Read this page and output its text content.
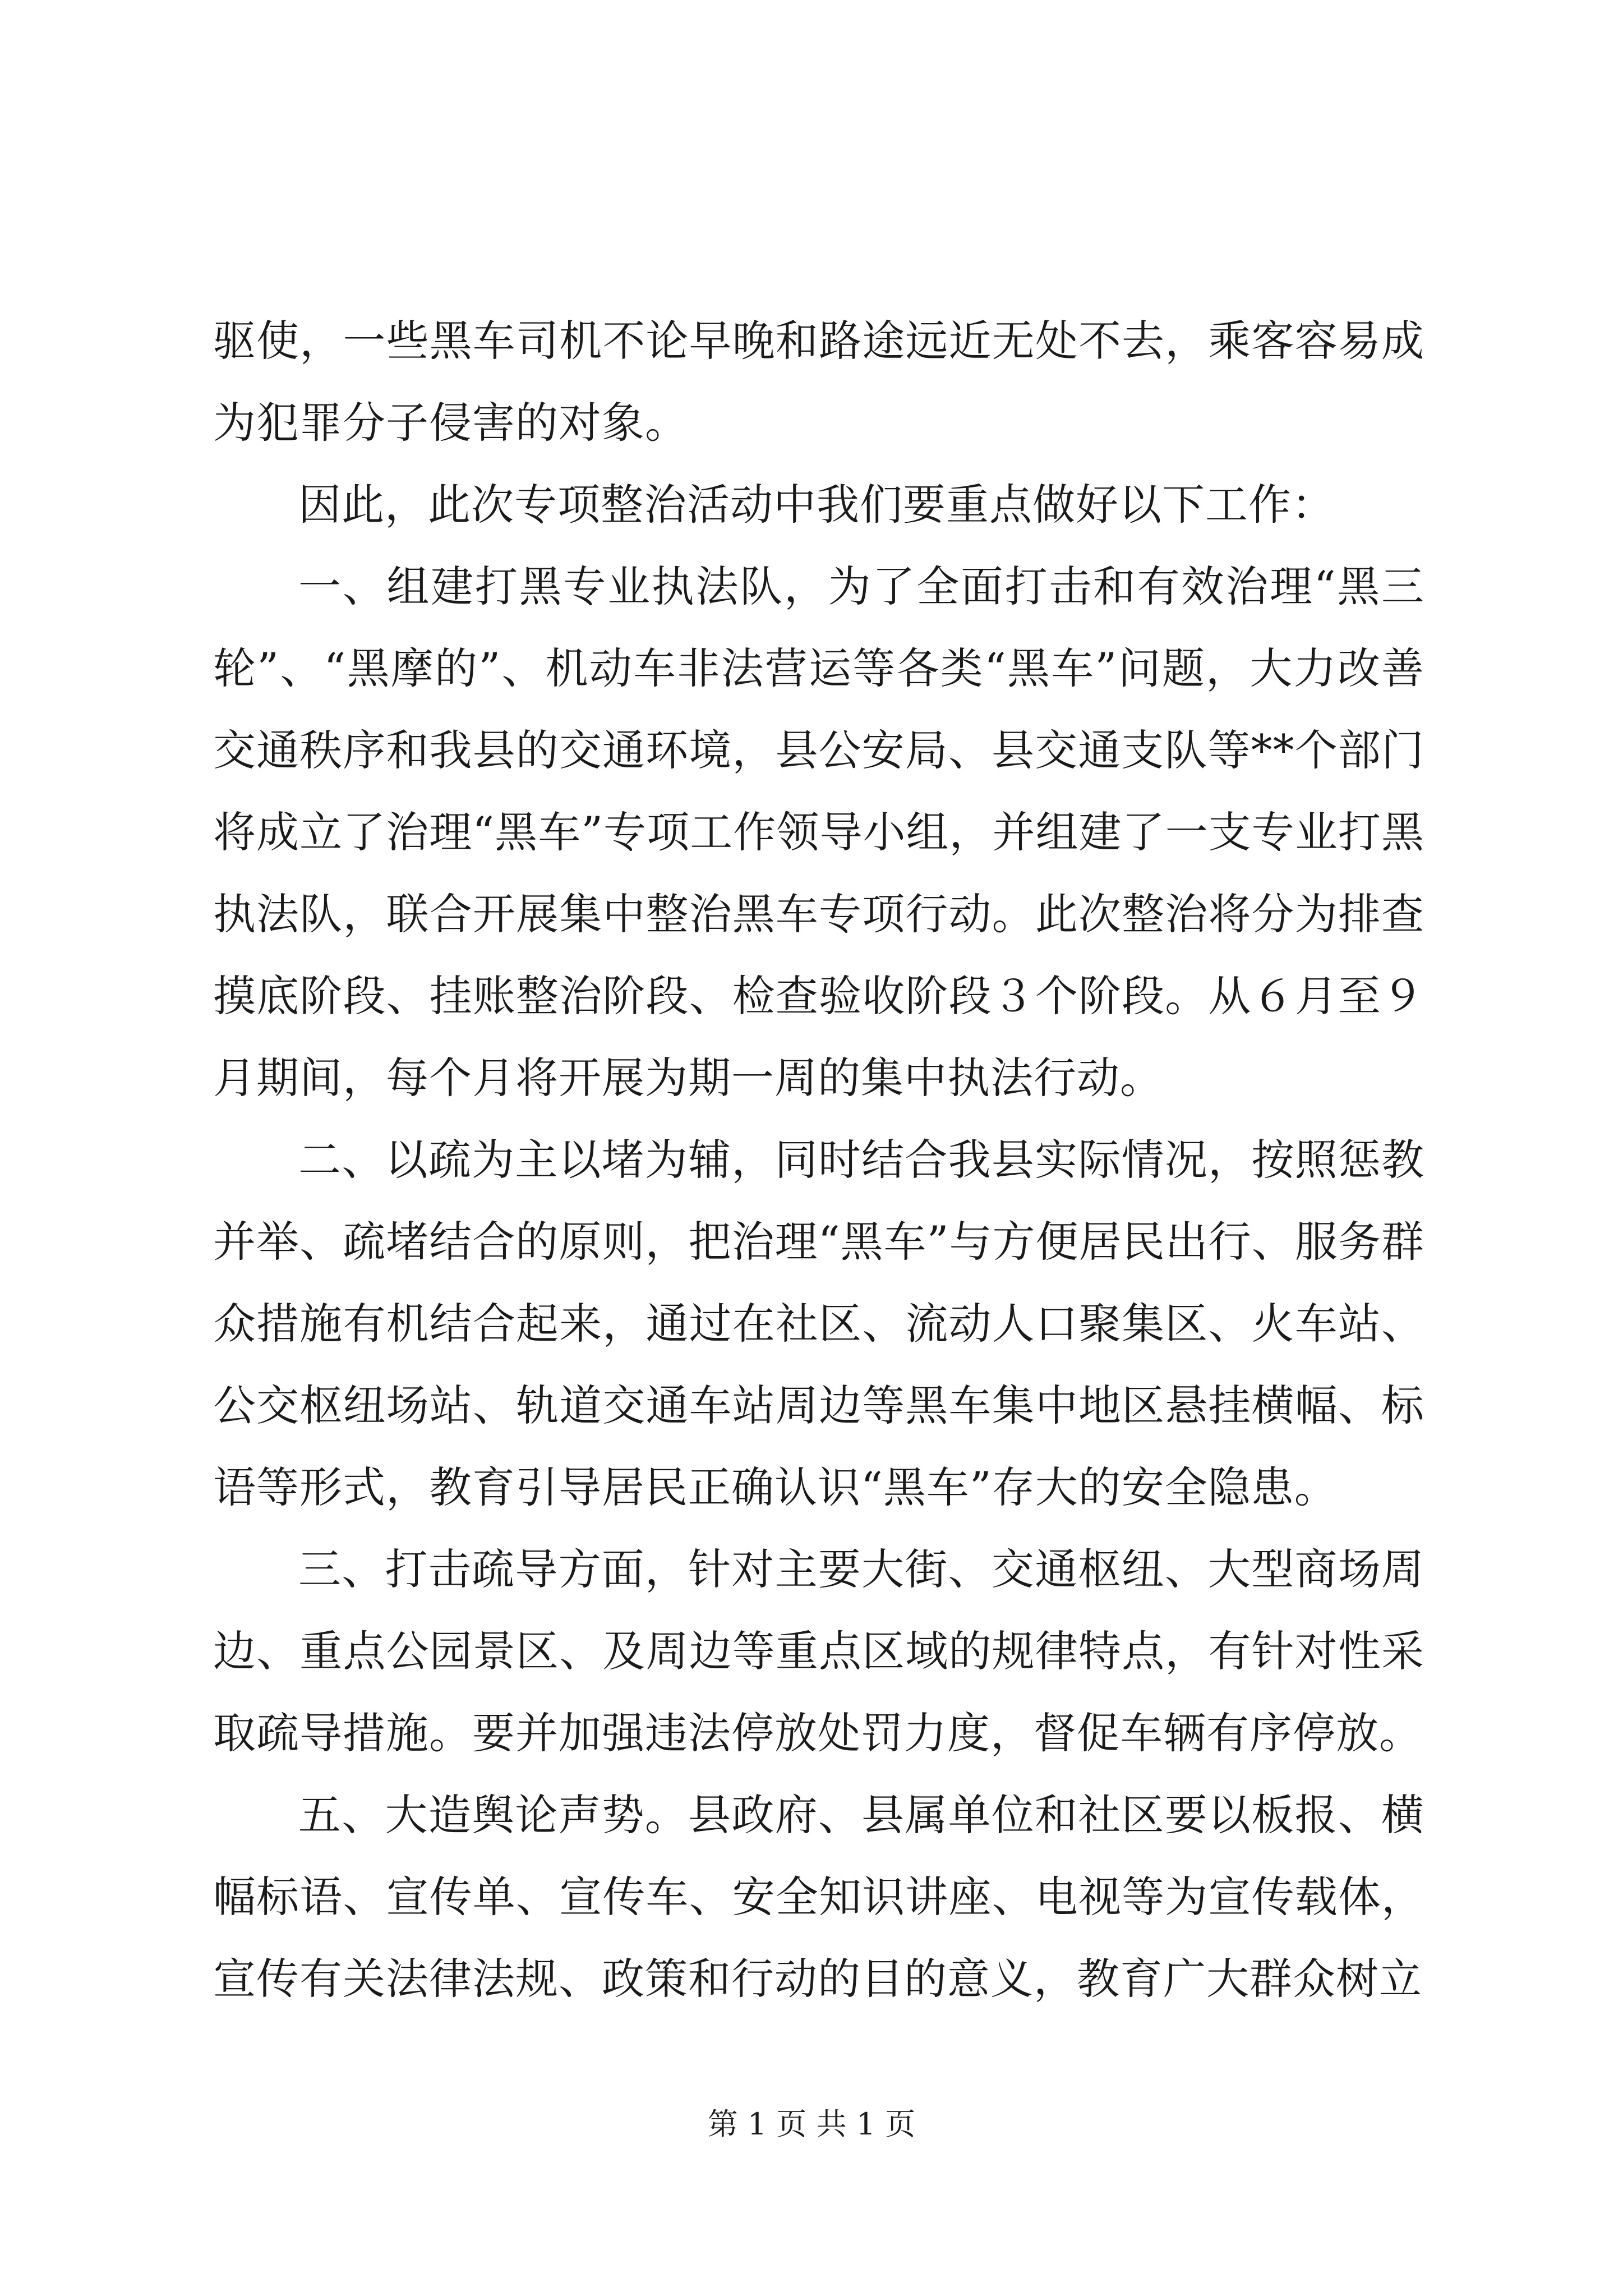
驱使，一些黑车司机不论早晚和路途远近无处不去，乘客容易成为犯罪分子侵害的对象。

因此，此次专项整治活动中我们要重点做好以下工作：

一、组建打黑专业执法队，为了全面打击和有效治理“黑三轮”、“黑摩的”、机动车非法营运等各类“黑车”问题，大力改善交通秩序和我县的交通环境，县公安局、县交通支队等**个部门将成立了治理“黑车”专项工作领导小组，并组建了一支专业打黑执法队，联合开展集中整治黑车专项行动。此次整治将分为排查摸底阶段、挂账整治阶段、检查验收阶段３个阶段。从６月至９月期间，每个月将开展为期一周的集中执法行动。

二、以疏为主以堵为辅，同时结合我县实际情况，按照惩教并举、疏堵结合的原则，把治理“黑车”与方便居民出行、服务群众措施有机结合起来，通过在社区、流动人口聚集区、火车站、公交枢纽场站、轨道交通车站周边等黑车集中地区悬挂横幅、标语等形式，教育引导居民正确认识“黑车”存大的安全隐患。

三、打击疏导方面，针对主要大街、交通枢纽、大型商场周边、重点公园景区、及周边等重点区域的规律特点，有针对性采取疏导措施。要并加强违法停放处罚力度，督促车辆有序停放。

五、大造舆论声势。县政府、县属单位和社区要以板报、横幅标语、宣传单、宣传车、安全知识讲座、电视等为宣传载体，宣传有关法律法规、政策和行动的目的意义，教育广大群众树立

第 1 页 共 1 页
